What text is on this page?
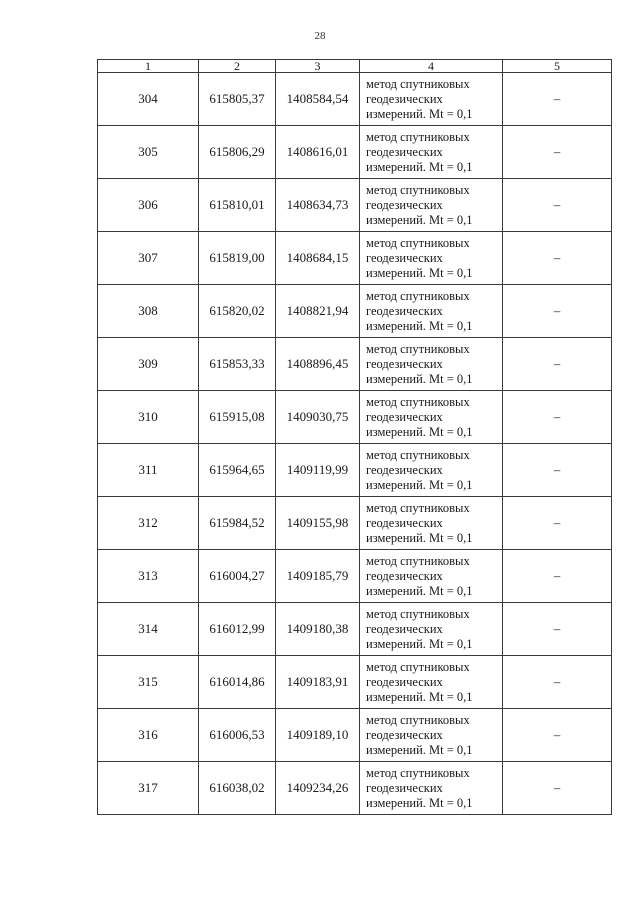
28
1	2	3	4	5
304	615805,37	1408584,54	метод спутниковых геодезических измерений. Mt = 0,1	–
305	615806,29	1408616,01	метод спутниковых геодезических измерений. Mt = 0,1	–
306	615810,01	1408634,73	метод спутниковых геодезических измерений. Mt = 0,1	–
307	615819,00	1408684,15	метод спутниковых геодезических измерений. Mt = 0,1	–
308	615820,02	1408821,94	метод спутниковых геодезических измерений. Mt = 0,1	–
309	615853,33	1408896,45	метод спутниковых геодезических измерений. Mt = 0,1	–
310	615915,08	1409030,75	метод спутниковых геодезических измерений. Mt = 0,1	–
311	615964,65	1409119,99	метод спутниковых геодезических измерений. Mt = 0,1	–
312	615984,52	1409155,98	метод спутниковых геодезических измерений. Mt = 0,1	–
313	616004,27	1409185,79	метод спутниковых геодезических измерений. Mt = 0,1	–
314	616012,99	1409180,38	метод спутниковых геодезических измерений. Mt = 0,1	–
315	616014,86	1409183,91	метод спутниковых геодезических измерений. Mt = 0,1	–
316	616006,53	1409189,10	метод спутниковых геодезических измерений. Mt = 0,1	–
317	616038,02	1409234,26	метод спутниковых геодезических измерений. Mt = 0,1	–
